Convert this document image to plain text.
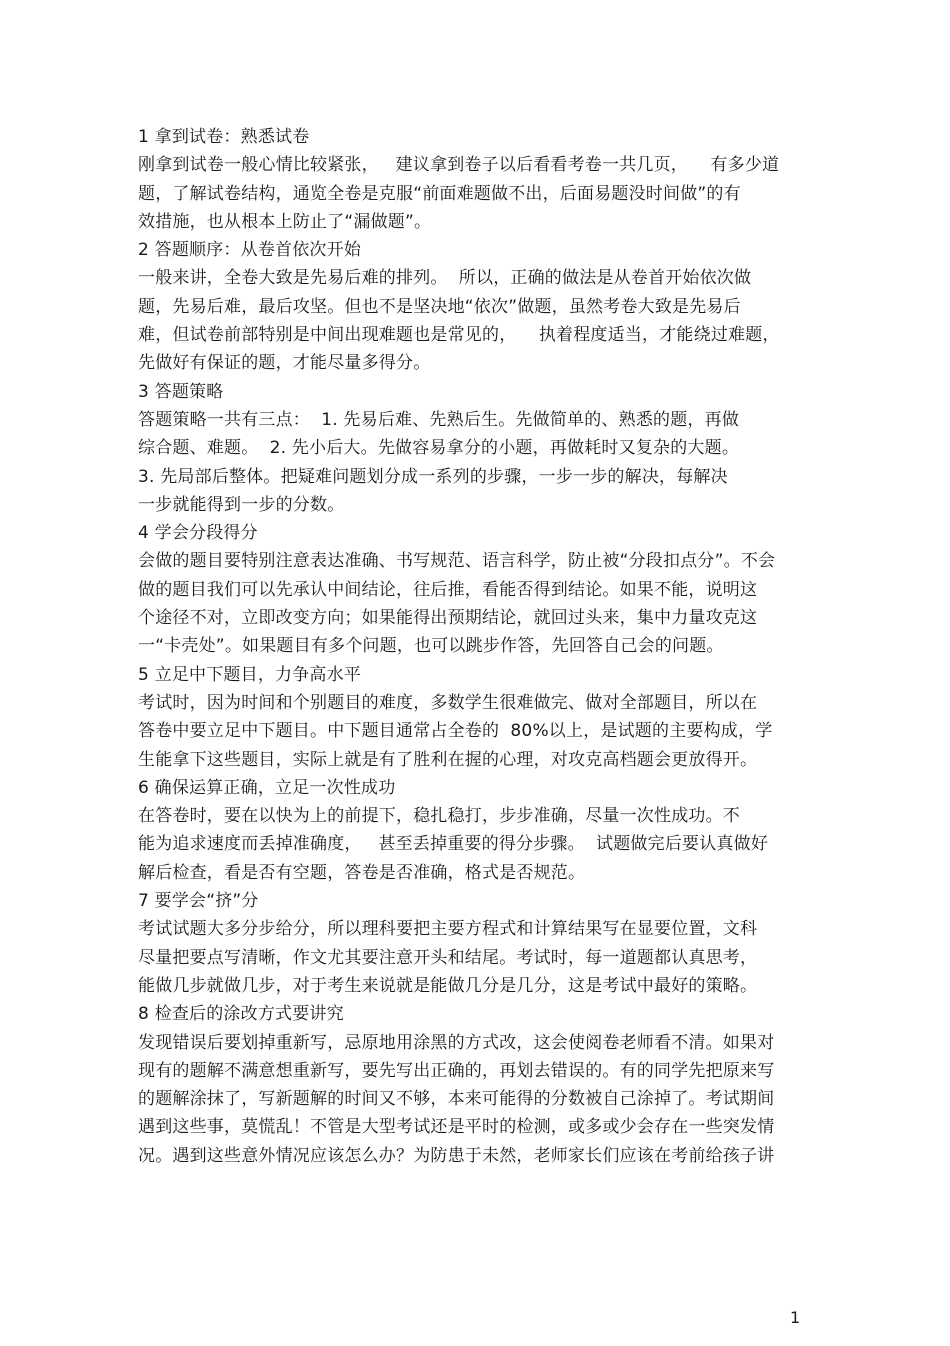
1 拿到试卷：熟悉试卷
刚拿到试卷一般心情比较紧张，   建议拿到卷子以后看看考卷一共几页，    有多少道
题，了解试卷结构，通览全卷是克服“前面难题做不出，后面易题没时间做”的有
效措施，也从根本上防止了“漏做题”。
2 答题顺序：从卷首依次开始
一般来讲，全卷大致是先易后难的排列。  所以，正确的做法是从卷首开始依次做
题，先易后难，最后攻坚。但也不是坚决地“依次”做题，虽然考卷大致是先易后
难，但试卷前部特别是中间出现难题也是常见的，    执着程度适当，才能绕过难题，
先做好有保证的题，才能尽量多得分。
3 答题策略
答题策略一共有三点：  1. 先易后难、先熟后生。先做简单的、熟悉的题，再做
综合题、难题。  2. 先小后大。先做容易拿分的小题，再做耗时又复杂的大题。
3. 先局部后整体。把疑难问题划分成一系列的步骤，一步一步的解决，每解决
一步就能得到一步的分数。
4 学会分段得分
会做的题目要特别注意表达准确、书写规范、语言科学，防止被“分段扣点分”。不会
做的题目我们可以先承认中间结论，往后推，看能否得到结论。如果不能，说明这
个途径不对，立即改变方向；如果能得出预期结论，就回过头来，集中力量攻克这
一“卡壳处”。如果题目有多个问题，也可以跳步作答，先回答自己会的问题。
5 立足中下题目，力争高水平
考试时，因为时间和个别题目的难度，多数学生很难做完、做对全部题目，所以在
答卷中要立足中下题目。中下题目通常占全卷的  80%以上，是试题的主要构成，学
生能拿下这些题目，实际上就是有了胜利在握的心理，对攻克高档题会更放得开。
6 确保运算正确，立足一次性成功
在答卷时，要在以快为上的前提下，稳扎稳打，步步准确，尽量一次性成功。不
能为追求速度而丢掉准确度，   甚至丢掉重要的得分步骤。  试题做完后要认真做好
解后检查，看是否有空题，答卷是否准确，格式是否规范。
7 要学会“挤”分
考试试题大多分步给分，所以理科要把主要方程式和计算结果写在显要位置，文科
尽量把要点写清晰，作文尤其要注意开头和结尾。考试时，每一道题都认真思考，
能做几步就做几步，对于考生来说就是能做几分是几分，这是考试中最好的策略。
8 检查后的涂改方式要讲究
发现错误后要划掉重新写，忌原地用涂黑的方式改，这会使阅卷老师看不清。如果对
现有的题解不满意想重新写，要先写出正确的，再划去错误的。有的同学先把原来写
的题解涂抹了，写新题解的时间又不够，本来可能得的分数被自己涂掉了。考试期间
遇到这些事，莫慌乱！不管是大型考试还是平时的检测，或多或少会存在一些突发情
况。遇到这些意外情况应该怎么办？为防患于未然，老师家长们应该在考前给孩子讲
1
